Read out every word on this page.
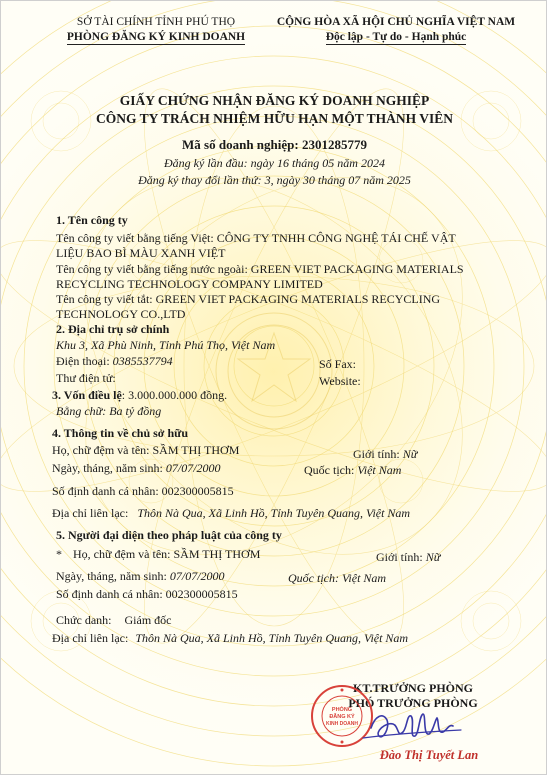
SỞ TÀI CHÍNH TỈNH PHÚ THỌ
PHÒNG ĐĂNG KÝ KINH DOANH
CỘNG HÒA XÃ HỘI CHỦ NGHĨA VIỆT NAM
Độc lập - Tự do - Hạnh phúc
GIẤY CHỨNG NHẬN ĐĂNG KÝ DOANH NGHIỆP
CÔNG TY TRÁCH NHIỆM HỮU HẠN MỘT THÀNH VIÊN
Mã số doanh nghiệp: 2301285779
Đăng ký lần đầu: ngày 16 tháng 05 năm 2024
Đăng ký thay đổi lần thứ: 3, ngày 30 tháng 07 năm 2025
1. Tên công ty
Tên công ty viết bằng tiếng Việt: CÔNG TY TNHH CÔNG NGHỆ TÁI CHẾ VẬT
LIỆU BAO BÌ MÀU XANH VIỆT
Tên công ty viết bằng tiếng nước ngoài: GREEN VIET PACKAGING MATERIALS
RECYCLING TECHNOLOGY COMPANY LIMITED
Tên công ty viết tắt: GREEN VIET PACKAGING MATERIALS RECYCLING
TECHNOLOGY CO.,LTD
2. Địa chỉ trụ sở chính
Khu 3, Xã Phù Ninh, Tỉnh Phú Thọ, Việt Nam
Điện thoại: 0385537794	Số Fax:
Thư điện tử:	Website:
3. Vốn điều lệ: 3.000.000.000 đồng.
Bằng chữ: Ba tỷ đồng
4. Thông tin về chủ sở hữu
Họ, chữ đệm và tên: SẦM THỊ THƠM	Giới tính: Nữ
Ngày, tháng, năm sinh: 07/07/2000	Quốc tịch: Việt Nam
Số định danh cá nhân: 002300005815
Địa chỉ liên lạc: Thôn Nà Qua, Xã Linh Hồ, Tỉnh Tuyên Quang, Việt Nam
5. Người đại diện theo pháp luật của công ty
* Họ, chữ đệm và tên: SẦM THỊ THƠM	Giới tính: Nữ
Ngày, tháng, năm sinh: 07/07/2000	Quốc tịch: Việt Nam
Số định danh cá nhân: 002300005815
Chức danh: Giám đốc
Địa chỉ liên lạc: Thôn Nà Qua, Xã Linh Hồ, Tỉnh Tuyên Quang, Việt Nam
KT.TRƯỞNG PHÒNG
PHÓ TRƯỞNG PHÒNG
PHÒNG
ĐĂNG KÝ
KINH DOANH
Đào Thị Tuyết Lan
